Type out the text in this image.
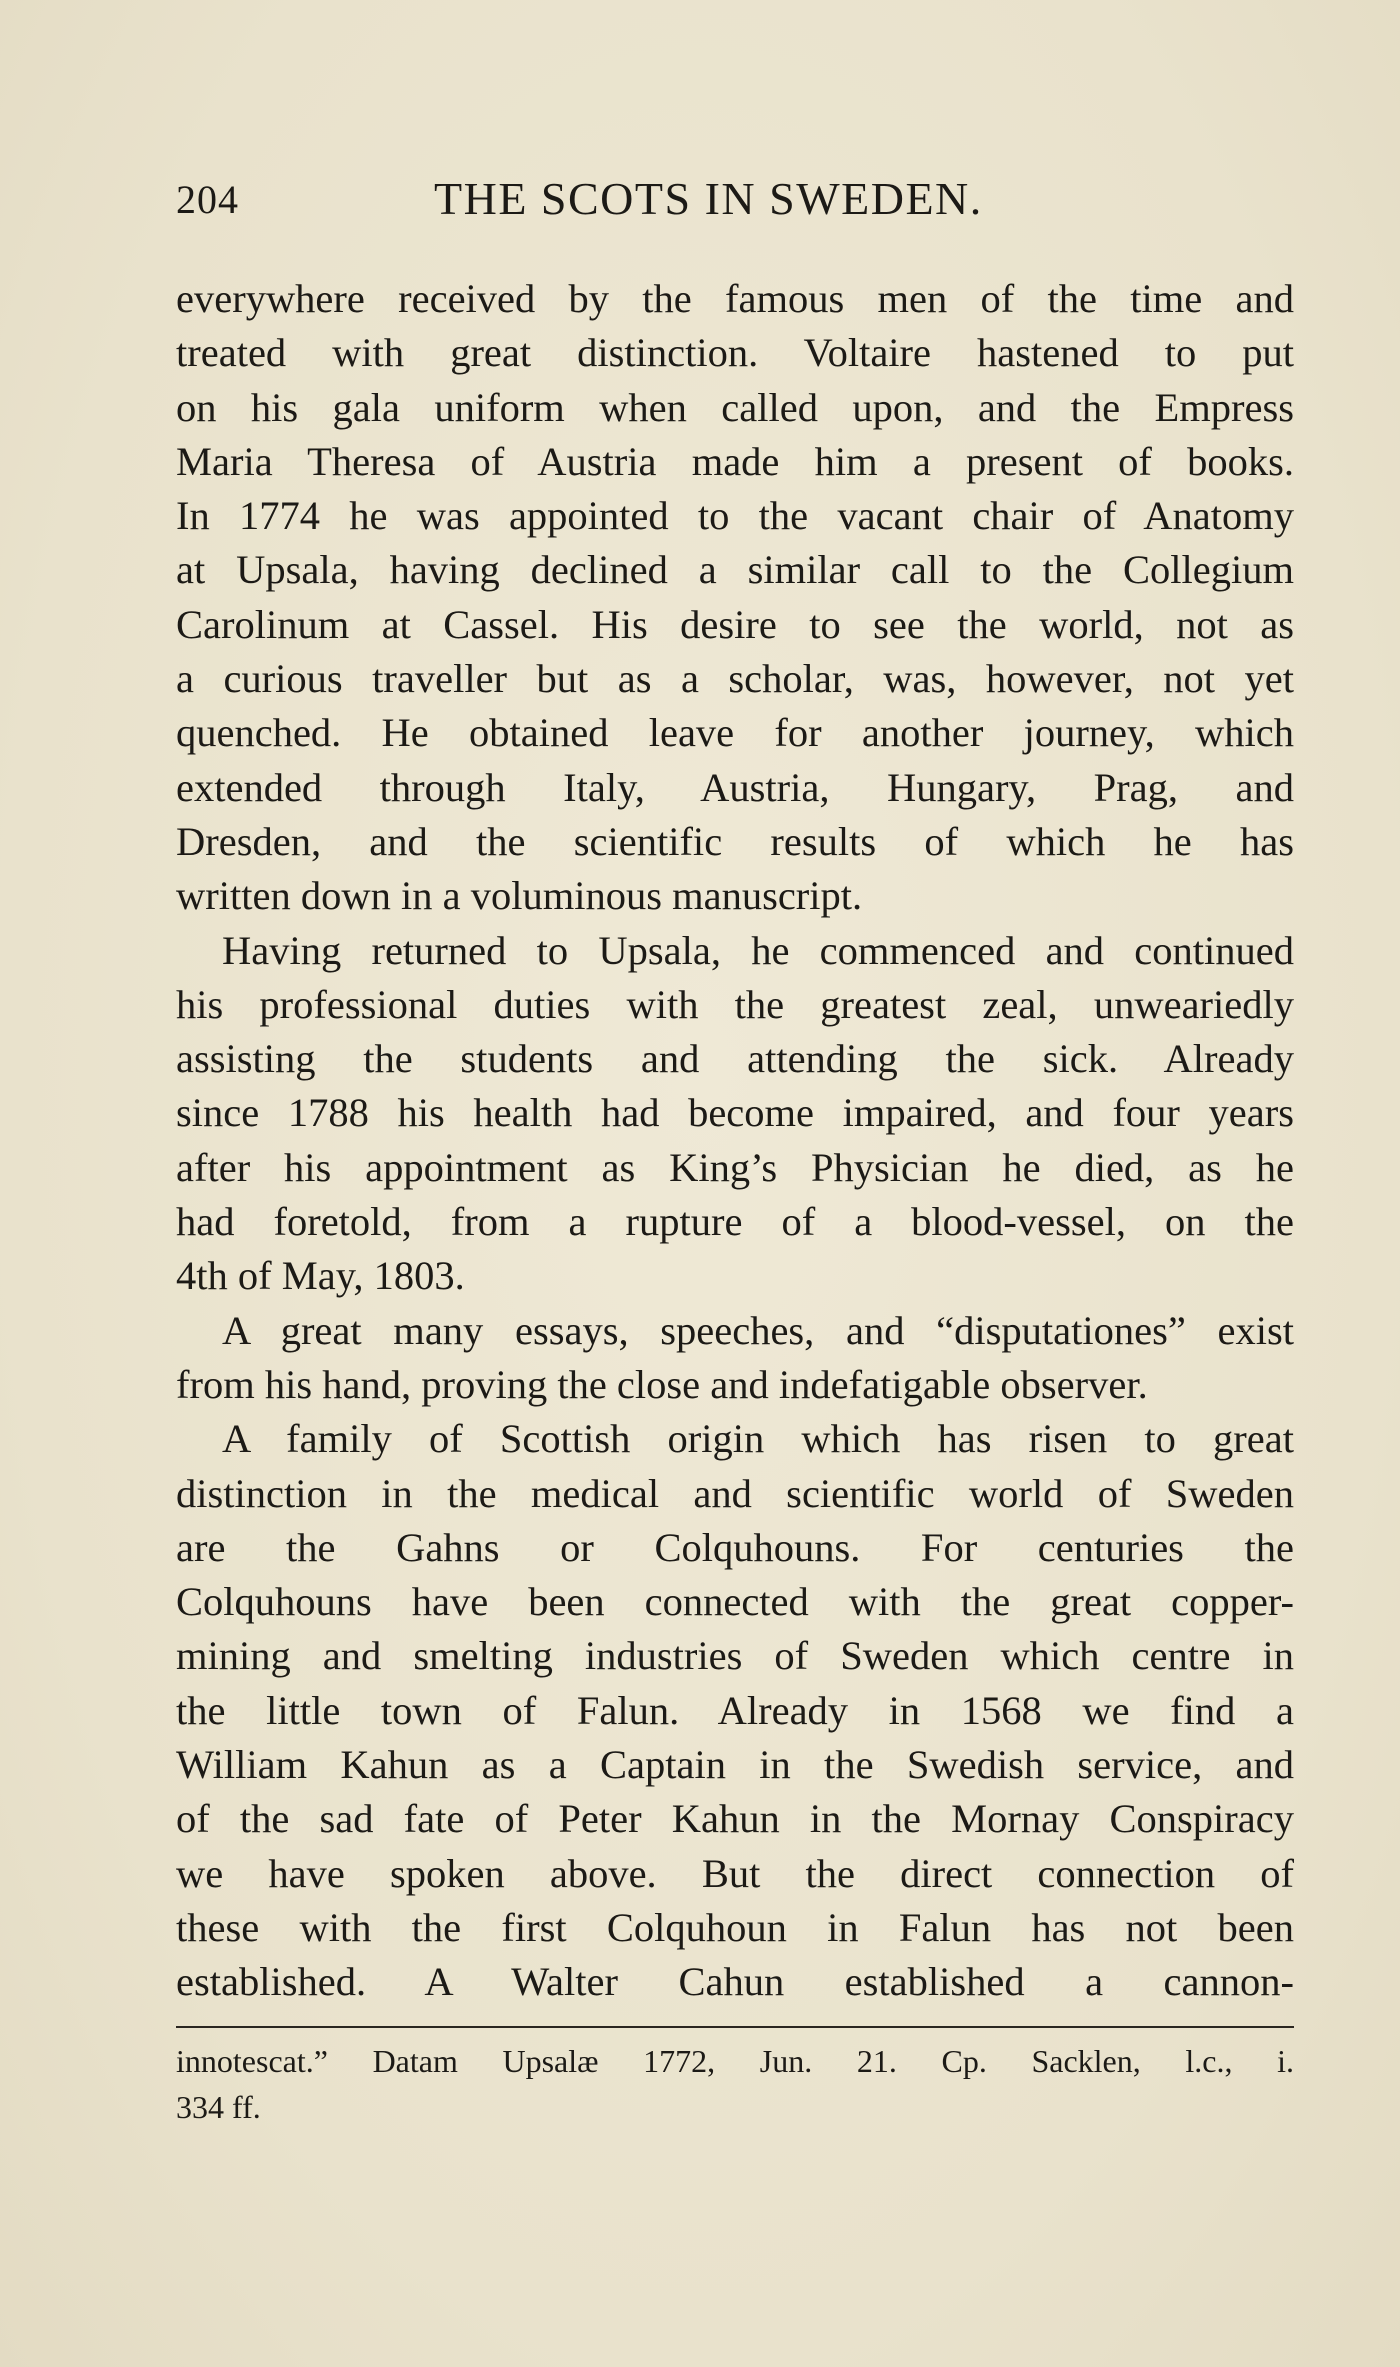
204	THE SCOTS IN SWEDEN.
everywhere received by the famous men of the time and
treated with great distinction. Voltaire hastened to put
on his gala uniform when called upon, and the Empress
Maria Theresa of Austria made him a present of books.
In 1774 he was appointed to the vacant chair of Anatomy
at Upsala, having declined a similar call to the Collegium
Carolinum at Cassel. His desire to see the world, not as
a curious traveller but as a scholar, was, however, not yet
quenched. He obtained leave for another journey, which
extended through Italy, Austria, Hungary, Prag, and
Dresden, and the scientific results of which he has
written down in a voluminous manuscript.
Having returned to Upsala, he commenced and continued
his professional duties with the greatest zeal, unweariedly
assisting the students and attending the sick. Already
since 1788 his health had become impaired, and four years
after his appointment as King’s Physician he died, as he
had foretold, from a rupture of a blood-vessel, on the
4th of May, 1803.
A great many essays, speeches, and “disputationes” exist
from his hand, proving the close and indefatigable observer.
A family of Scottish origin which has risen to great
distinction in the medical and scientific world of Sweden
are the Gahns or Colquhouns. For centuries the
Colquhouns have been connected with the great copper-
mining and smelting industries of Sweden which centre in
the little town of Falun. Already in 1568 we find a
William Kahun as a Captain in the Swedish service, and
of the sad fate of Peter Kahun in the Mornay Conspiracy
we have spoken above. But the direct connection of
these with the first Colquhoun in Falun has not been
established. A Walter Cahun established a cannon-
innotescat.” Datam Upsalæ 1772, Jun. 21. Cp. Sacklen, l.c., i.
334 ff.
